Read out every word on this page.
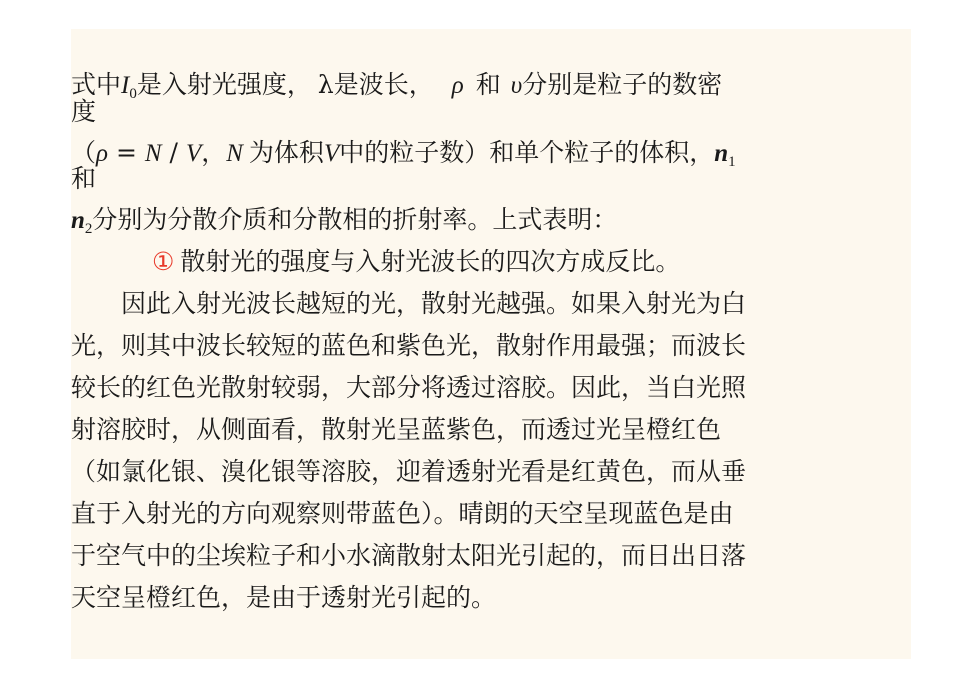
式中$I_0$是入射光强度， λ是波长， ρ 和 υ分别是粒子的数密
度
（ρ = N / V，N 为体积V中的粒子数）和单个粒子的体积，$n_1$
和
$n_2$分别为分散介质和分散相的折射率。上式表明：
① 散射光的强度与入射光波长的四次方成反比。
因此入射光波长越短的光，散射光越强。如果入射光为白
光，则其中波长较短的蓝色和紫色光，散射作用最强；而波长
较长的红色光散射较弱，大部分将透过溶胶。因此，当白光照
射溶胶时，从侧面看，散射光呈蓝紫色，而透过光呈橙红色
（如氯化银、溴化银等溶胶，迎着透射光看是红黄色，而从垂
直于入射光的方向观察则带蓝色）。晴朗的天空呈现蓝色是由
于空气中的尘埃粒子和小水滴散射太阳光引起的，而日出日落
天空呈橙红色，是由于透射光引起的。
